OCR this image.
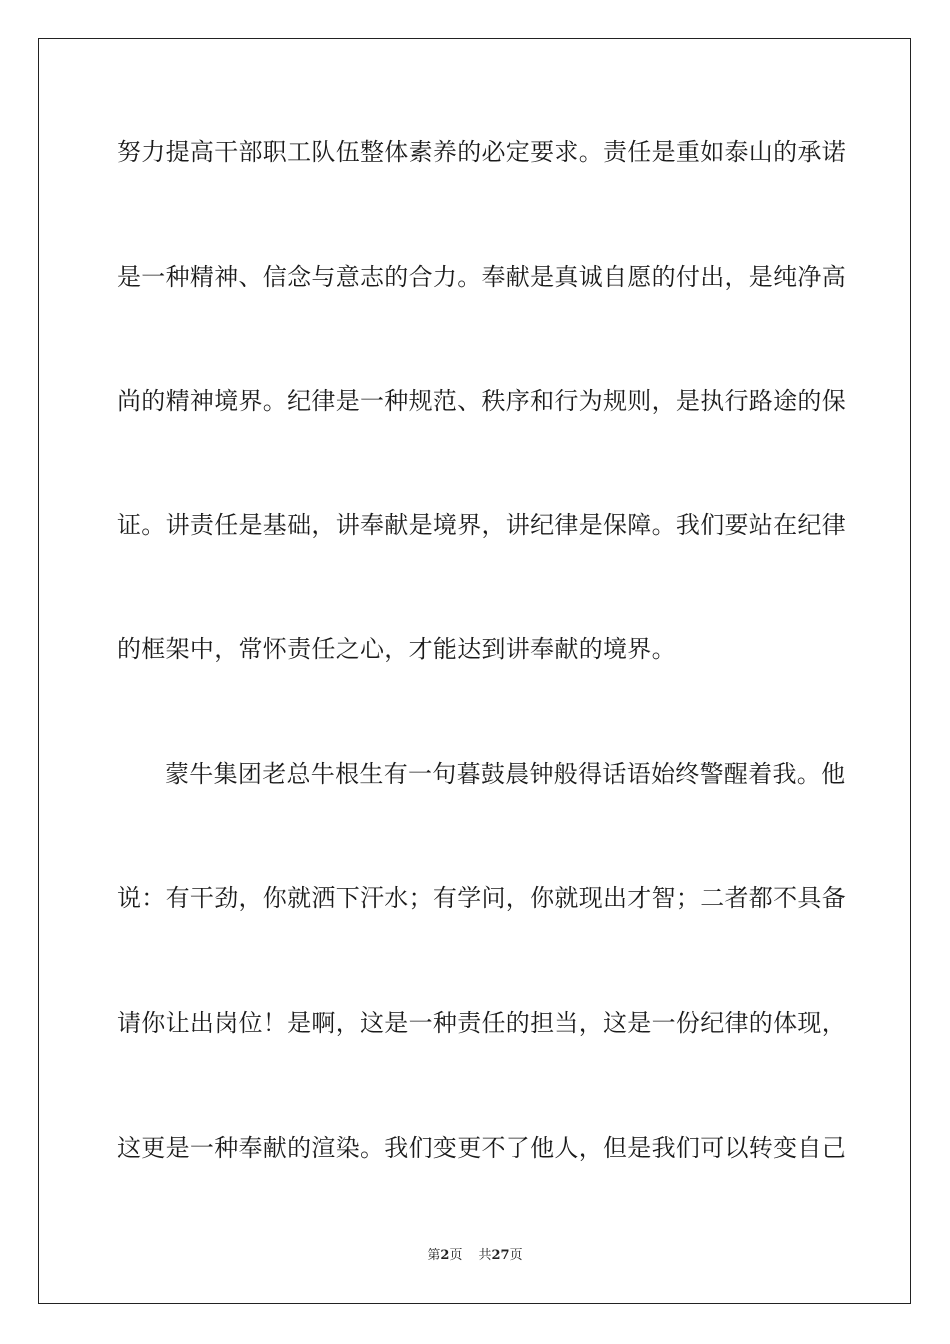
努力提高干部职工队伍整体素养的必定要求。责任是重如泰山的承诺
是一种精神、信念与意志的合力。奉献是真诚自愿的付出，是纯净高
尚的精神境界。纪律是一种规范、秩序和行为规则，是执行路途的保
证。讲责任是基础，讲奉献是境界，讲纪律是保障。我们要站在纪律
的框架中，常怀责任之心，才能达到讲奉献的境界。
蒙牛集团老总牛根生有一句暮鼓晨钟般得话语始终警醒着我。他
说：有干劲，你就洒下汗水；有学问，你就现出才智；二者都不具备
请你让出岗位！是啊，这是一种责任的担当，这是一份纪律的体现，
这更是一种奉献的渲染。我们变更不了他人，但是我们可以转变自己
第2页 共27页
